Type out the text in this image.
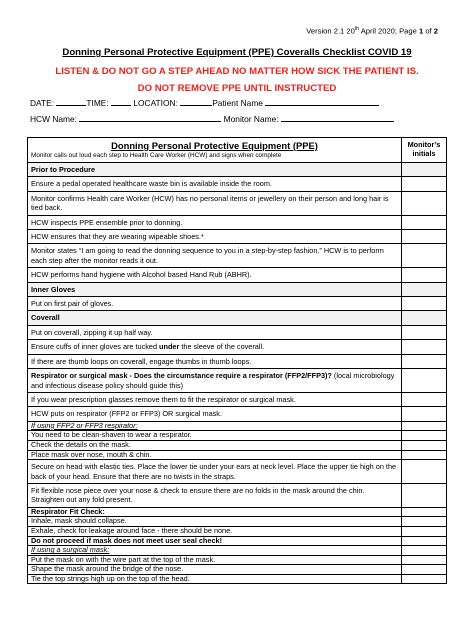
Version 2.1 20th April 2020; Page 1 of 2
Donning Personal Protective Equipment (PPE) Coveralls Checklist COVID 19
LISTEN & DO NOT GO A STEP AHEAD NO MATTER HOW SICK THE PATIENT IS.
DO NOT REMOVE PPE UNTIL INSTRUCTED
DATE:	TIME:	LOCATION:	Patient Name
HCW Name:	Monitor Name:
Donning Personal Protective Equipment (PPE)
Monitor calls out loud each step to Health Care Worker (HCW) and signs when complete	Monitor’s initials
Prior to Procedure	
Ensure a pedal operated healthcare waste bin is available inside the room.	
Monitor confirms Health care Worker (HCW) has no personal items or jewellery on their person and long hair is tied back.	
HCW inspects PPE ensemble prior to donning.	
HCW ensures that they are wearing wipeable shoes.*	
Monitor states “I am going to read the donning sequence to you in a step-by-step fashion.” HCW is to perform each step after the monitor reads it out.	
HCW performs hand hygiene with Alcohol based Hand Rub (ABHR).	
Inner Gloves	
Put on first pair of gloves.	
Coverall	
Put on coverall, zipping it up half way.	
Ensure cuffs of inner gloves are tucked under the sleeve of the coverall.	
If there are thumb loops on coverall, engage thumbs in thumb loops.	
Respirator or surgical mask - Does the circumstance require a respirator (FFP2/FFP3)? (local microbiology and infectious disease policy should guide this)	
If you wear prescription glasses remove them to fit the respirator or surgical mask.	
HCW puts on respirator (FFP2 or FFP3) OR surgical mask.	
If using FFP2 or FFP3 respirator:	
You need to be clean-shaven to wear a respirator.	
Check the details on the mask.	
Place mask over nose, mouth & chin.	
Secure on head with elastic ties. Place the lower tie under your ears at neck level. Place the upper tie high on the back of your head. Ensure that there are no twists in the straps.	
Fit flexible nose piece over your nose & check to ensure there are no folds in the mask around the chin. Straighten out any fold present.	
Respirator Fit Check:	
Inhale, mask should collapse.	
Exhale, check for leakage around face - there should be none.	
Do not proceed if mask does not meet user seal check!	
If using a surgical mask:	
Put the mask on with the wire part at the top of the mask.	
Shape the mask around the bridge of the nose.	
Tie the top strings high up on the top of the head.	
